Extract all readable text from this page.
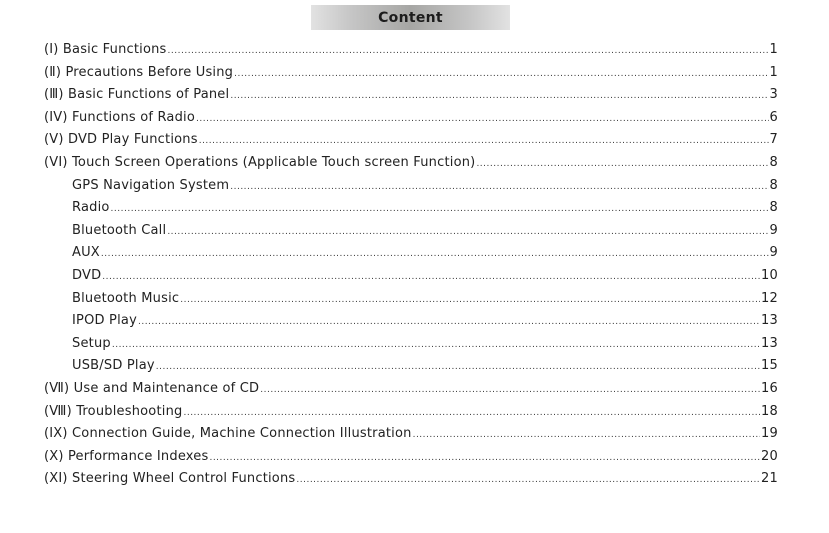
Content
(Ⅰ) Basic Functions .....	1
(Ⅱ) Precautions Before Using .....	1
(Ⅲ) Basic Functions of Panel .....	3
(IV) Functions of Radio .....	6
(V) DVD Play Functions .....	7
(VI) Touch Screen Operations (Applicable Touch screen Function) .....	8
GPS Navigation System .....	8
Radio .....	8
Bluetooth Call .....	9
AUX .....	9
DVD .....	10
Bluetooth Music .....	12
IPOD Play .....	13
Setup .....	13
USB/SD Play .....	15
(Ⅶ) Use and Maintenance of CD .....	16
(Ⅷ) Troubleshooting .....	18
(IX) Connection Guide, Machine Connection Illustration .....	19
(X) Performance Indexes .....	20
(XI) Steering Wheel Control Functions .....	21
